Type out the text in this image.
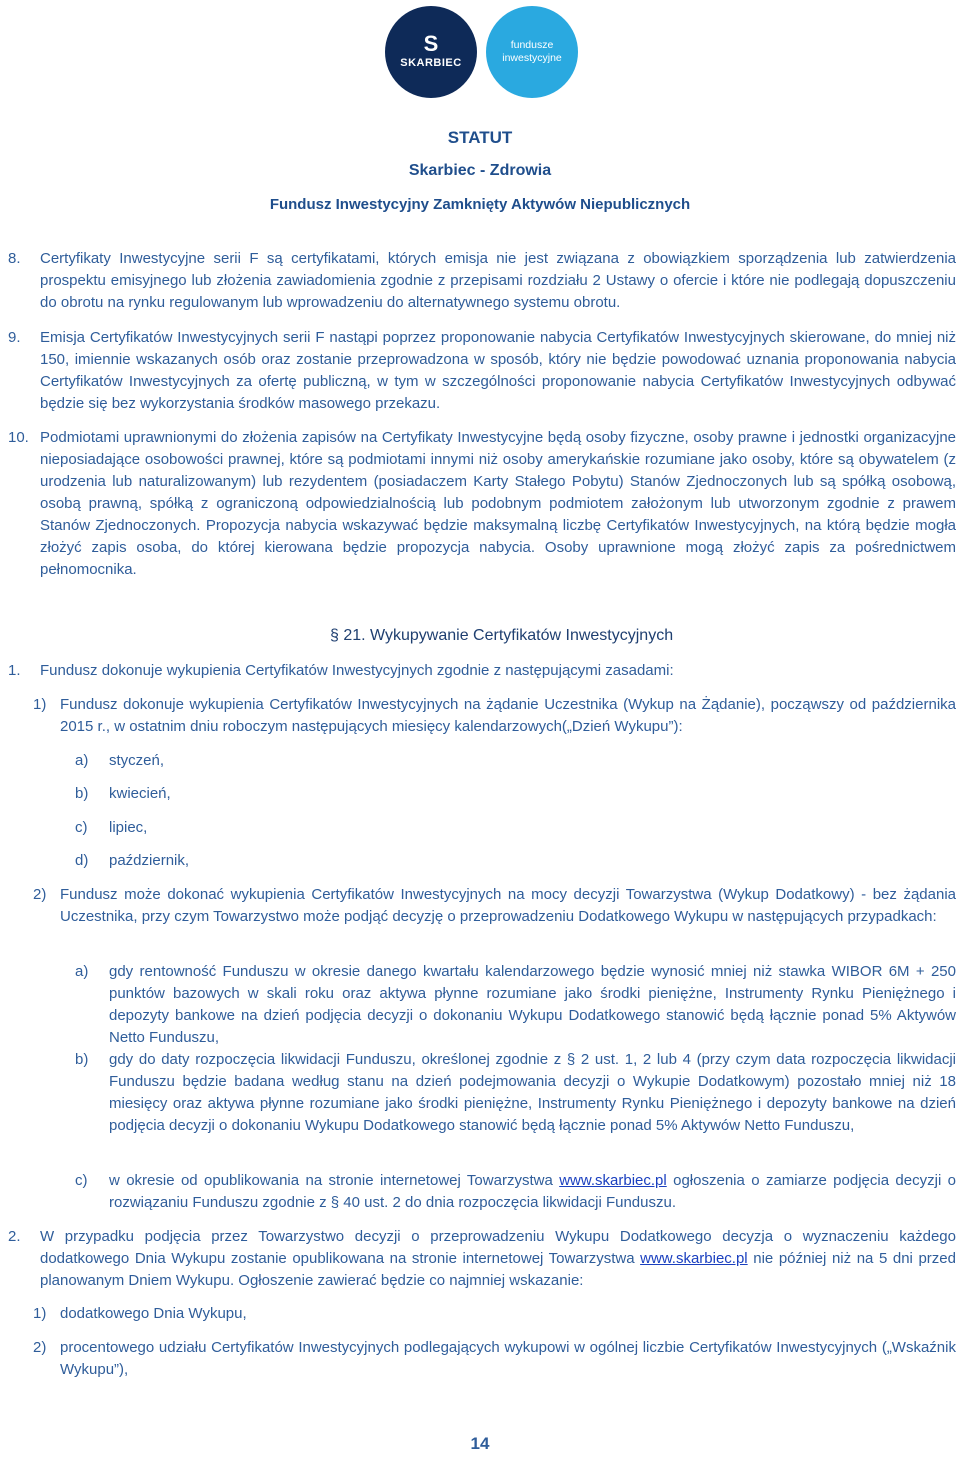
S
SKARBIEC
fundusze
inwestycyjne
STATUT
Skarbiec - Zdrowia
Fundusz Inwestycyjny Zamknięty Aktywów Niepublicznych
8. Certyfikaty Inwestycyjne serii F są certyfikatami, których emisja nie jest związana z obowiązkiem sporządzenia lub zatwierdzenia prospektu emisyjnego lub złożenia zawiadomienia zgodnie z przepisami rozdziału 2 Ustawy o ofercie i które nie podlegają dopuszczeniu do obrotu na rynku regulowanym lub wprowadzeniu do alternatywnego systemu obrotu.
9. Emisja Certyfikatów Inwestycyjnych serii F nastąpi poprzez proponowanie nabycia Certyfikatów Inwestycyjnych skierowane, do mniej niż 150, imiennie wskazanych osób oraz zostanie przeprowadzona w sposób, który nie będzie powodować uznania proponowania nabycia Certyfikatów Inwestycyjnych za ofertę publiczną, w tym w szczególności proponowanie nabycia Certyfikatów Inwestycyjnych odbywać będzie się bez wykorzystania środków masowego przekazu.
10. Podmiotami uprawnionymi do złożenia zapisów na Certyfikaty Inwestycyjne będą osoby fizyczne, osoby prawne i jednostki organizacyjne nieposiadające osobowości prawnej, które są podmiotami innymi niż osoby amerykańskie rozumiane jako osoby, które są obywatelem (z urodzenia lub naturalizowanym) lub rezydentem (posiadaczem Karty Stałego Pobytu) Stanów Zjednoczonych lub są spółką osobową, osobą prawną, spółką z ograniczoną odpowiedzialnością lub podobnym podmiotem założonym lub utworzonym zgodnie z prawem Stanów Zjednoczonych. Propozycja nabycia wskazywać będzie maksymalną liczbę Certyfikatów Inwestycyjnych, na którą będzie mogła złożyć zapis osoba, do której kierowana będzie propozycja nabycia. Osoby uprawnione mogą złożyć zapis za pośrednictwem pełnomocnika.
§ 21. Wykupywanie Certyfikatów Inwestycyjnych
1. Fundusz dokonuje wykupienia Certyfikatów Inwestycyjnych zgodnie z następującymi zasadami:
1) Fundusz dokonuje wykupienia Certyfikatów Inwestycyjnych na żądanie Uczestnika (Wykup na Żądanie), począwszy od października 2015 r., w ostatnim dniu roboczym następujących miesięcy kalendarzowych(„Dzień Wykupu”):
a) styczeń,
b) kwiecień,
c) lipiec,
d) październik,
2) Fundusz może dokonać wykupienia Certyfikatów Inwestycyjnych na mocy decyzji Towarzystwa (Wykup Dodatkowy) - bez żądania Uczestnika, przy czym Towarzystwo może podjąć decyzję o przeprowadzeniu Dodatkowego Wykupu w następujących przypadkach:
a) gdy rentowność Funduszu w okresie danego kwartału kalendarzowego będzie wynosić mniej niż stawka WIBOR 6M + 250 punktów bazowych w skali roku oraz aktywa płynne rozumiane jako środki pieniężne, Instrumenty Rynku Pieniężnego i depozyty bankowe na dzień podjęcia decyzji o dokonaniu Wykupu Dodatkowego stanowić będą łącznie ponad 5% Aktywów Netto Funduszu,
b) gdy do daty rozpoczęcia likwidacji Funduszu, określonej zgodnie z § 2 ust. 1, 2 lub 4 (przy czym data rozpoczęcia likwidacji Funduszu będzie badana według stanu na dzień podejmowania decyzji o Wykupie Dodatkowym) pozostało mniej niż 18 miesięcy oraz aktywa płynne rozumiane jako środki pieniężne, Instrumenty Rynku Pieniężnego i depozyty bankowe na dzień podjęcia decyzji o dokonaniu Wykupu Dodatkowego stanowić będą łącznie ponad 5% Aktywów Netto Funduszu,
c) w okresie od opublikowania na stronie internetowej Towarzystwa www.skarbiec.pl ogłoszenia o zamiarze podjęcia decyzji o rozwiązaniu Funduszu zgodnie z § 40 ust. 2 do dnia rozpoczęcia likwidacji Funduszu.
2. W przypadku podjęcia przez Towarzystwo decyzji o przeprowadzeniu Wykupu Dodatkowego decyzja o wyznaczeniu każdego dodatkowego Dnia Wykupu zostanie opublikowana na stronie internetowej Towarzystwa www.skarbiec.pl nie później niż na 5 dni przed planowanym Dniem Wykupu. Ogłoszenie zawierać będzie co najmniej wskazanie:
1) dodatkowego Dnia Wykupu,
2) procentowego udziału Certyfikatów Inwestycyjnych podlegających wykupowi w ogólnej liczbie Certyfikatów Inwestycyjnych („Wskaźnik Wykupu”),
14
